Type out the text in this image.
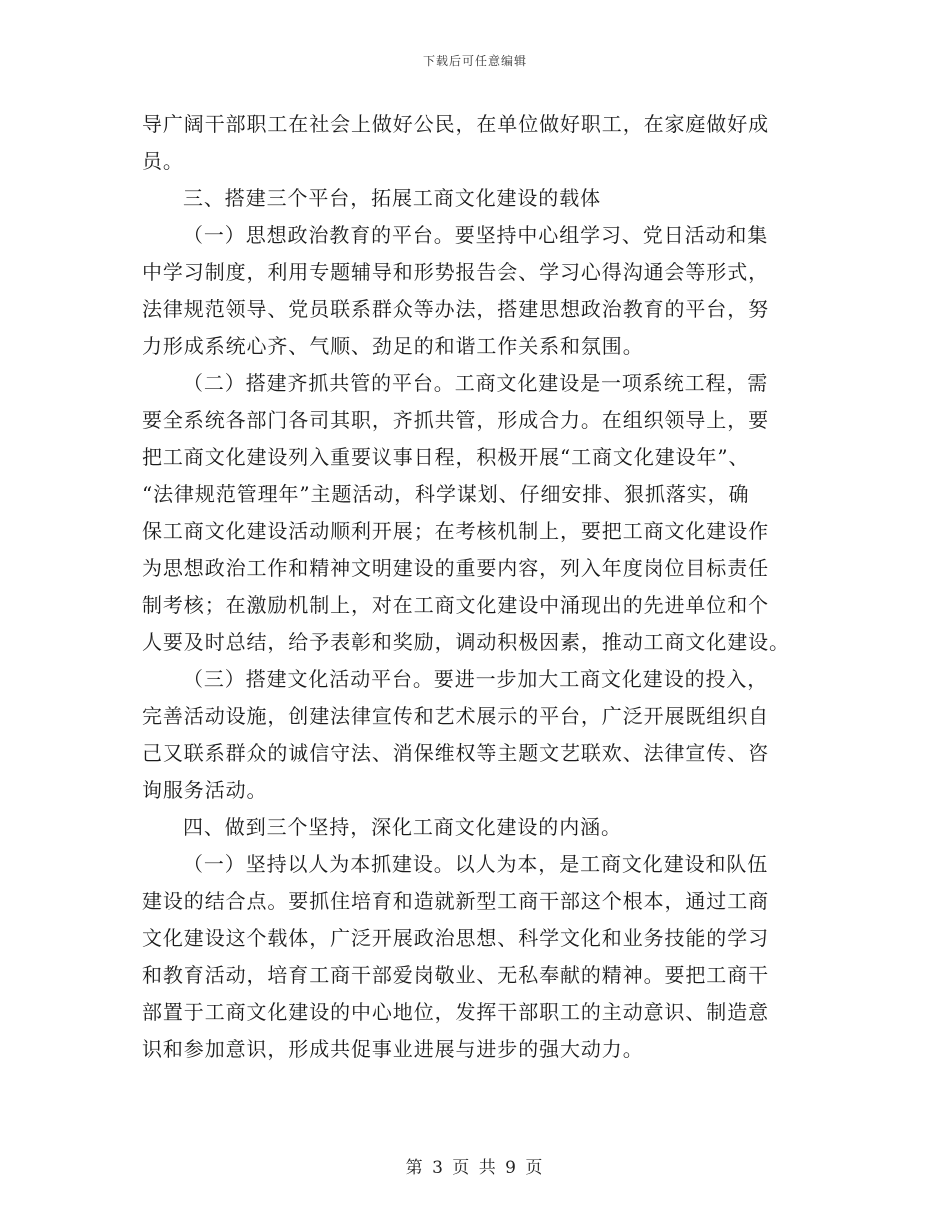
下载后可任意编辑
导广阔干部职工在社会上做好公民，在单位做好职工，在家庭做好成
员。
三、搭建三个平台，拓展工商文化建设的载体
（一）思想政治教育的平台。要坚持中心组学习、党日活动和集
中学习制度，利用专题辅导和形势报告会、学习心得沟通会等形式，
法律规范领导、党员联系群众等办法，搭建思想政治教育的平台，努
力形成系统心齐、气顺、劲足的和谐工作关系和氛围。
（二）搭建齐抓共管的平台。工商文化建设是一项系统工程，需
要全系统各部门各司其职，齐抓共管，形成合力。在组织领导上，要
把工商文化建设列入重要议事日程，积极开展“工商文化建设年”、
“法律规范管理年”主题活动，科学谋划、仔细安排、狠抓落实，确
保工商文化建设活动顺利开展；在考核机制上，要把工商文化建设作
为思想政治工作和精神文明建设的重要内容，列入年度岗位目标责任
制考核；在激励机制上，对在工商文化建设中涌现出的先进单位和个
人要及时总结，给予表彰和奖励，调动积极因素，推动工商文化建设。
（三）搭建文化活动平台。要进一步加大工商文化建设的投入，
完善活动设施，创建法律宣传和艺术展示的平台，广泛开展既组织自
己又联系群众的诚信守法、消保维权等主题文艺联欢、法律宣传、咨
询服务活动。
四、做到三个坚持，深化工商文化建设的内涵。
（一）坚持以人为本抓建设。以人为本，是工商文化建设和队伍
建设的结合点。要抓住培育和造就新型工商干部这个根本，通过工商
文化建设这个载体，广泛开展政治思想、科学文化和业务技能的学习
和教育活动，培育工商干部爱岗敬业、无私奉献的精神。要把工商干
部置于工商文化建设的中心地位，发挥干部职工的主动意识、制造意
识和参加意识，形成共促事业进展与进步的强大动力。
第 3 页 共 9 页
